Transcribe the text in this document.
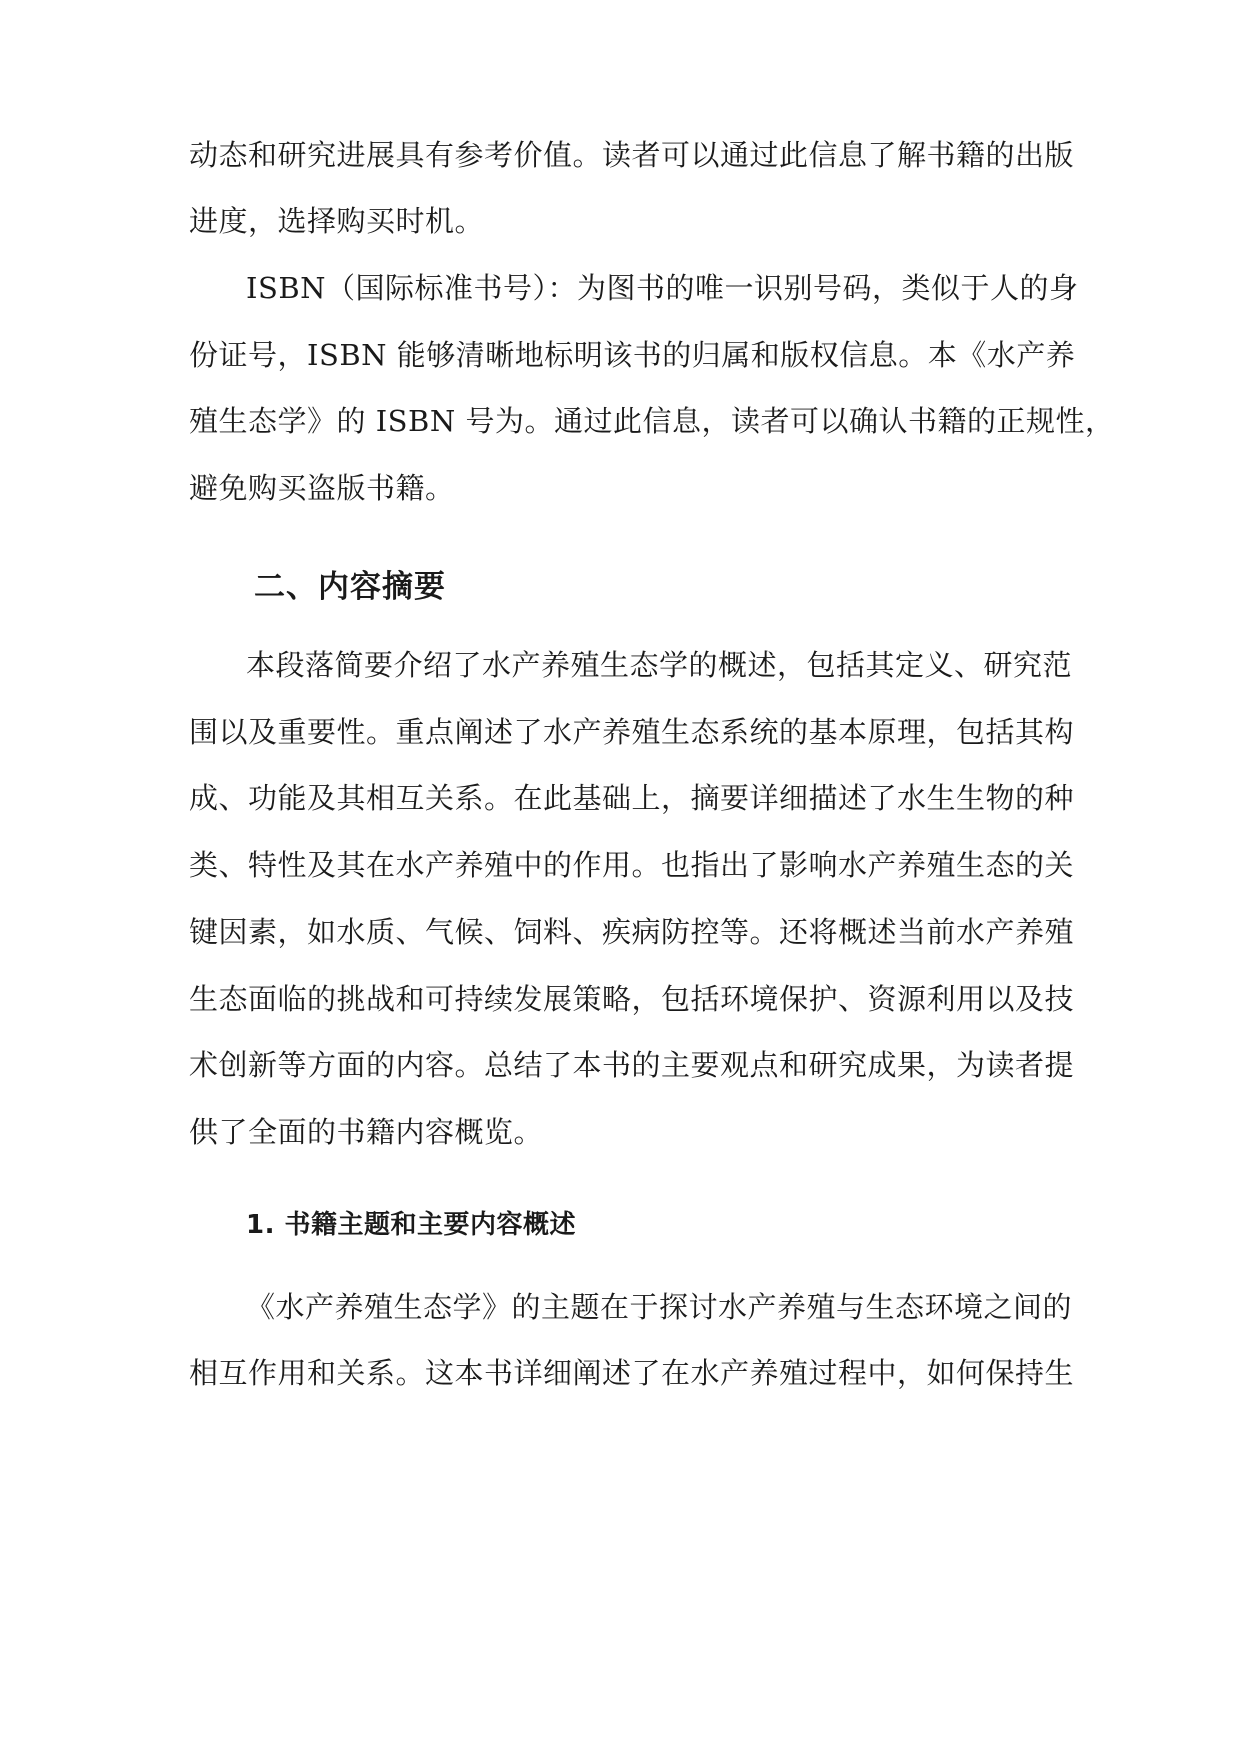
动态和研究进展具有参考价值。读者可以通过此信息了解书籍的出版
进度，选择购买时机。
ISBN（国际标准书号）：为图书的唯一识别号码，类似于人的身
份证号，ISBN 能够清晰地标明该书的归属和版权信息。本《水产养
殖生态学》的 ISBN 号为。通过此信息，读者可以确认书籍的正规性，
避免购买盗版书籍。
二、内容摘要
本段落简要介绍了水产养殖生态学的概述，包括其定义、研究范
围以及重要性。重点阐述了水产养殖生态系统的基本原理，包括其构
成、功能及其相互关系。在此基础上，摘要详细描述了水生生物的种
类、特性及其在水产养殖中的作用。也指出了影响水产养殖生态的关
键因素，如水质、气候、饲料、疾病防控等。还将概述当前水产养殖
生态面临的挑战和可持续发展策略，包括环境保护、资源利用以及技
术创新等方面的内容。总结了本书的主要观点和研究成果，为读者提
供了全面的书籍内容概览。
1. 书籍主题和主要内容概述
《水产养殖生态学》的主题在于探讨水产养殖与生态环境之间的
相互作用和关系。这本书详细阐述了在水产养殖过程中，如何保持生
